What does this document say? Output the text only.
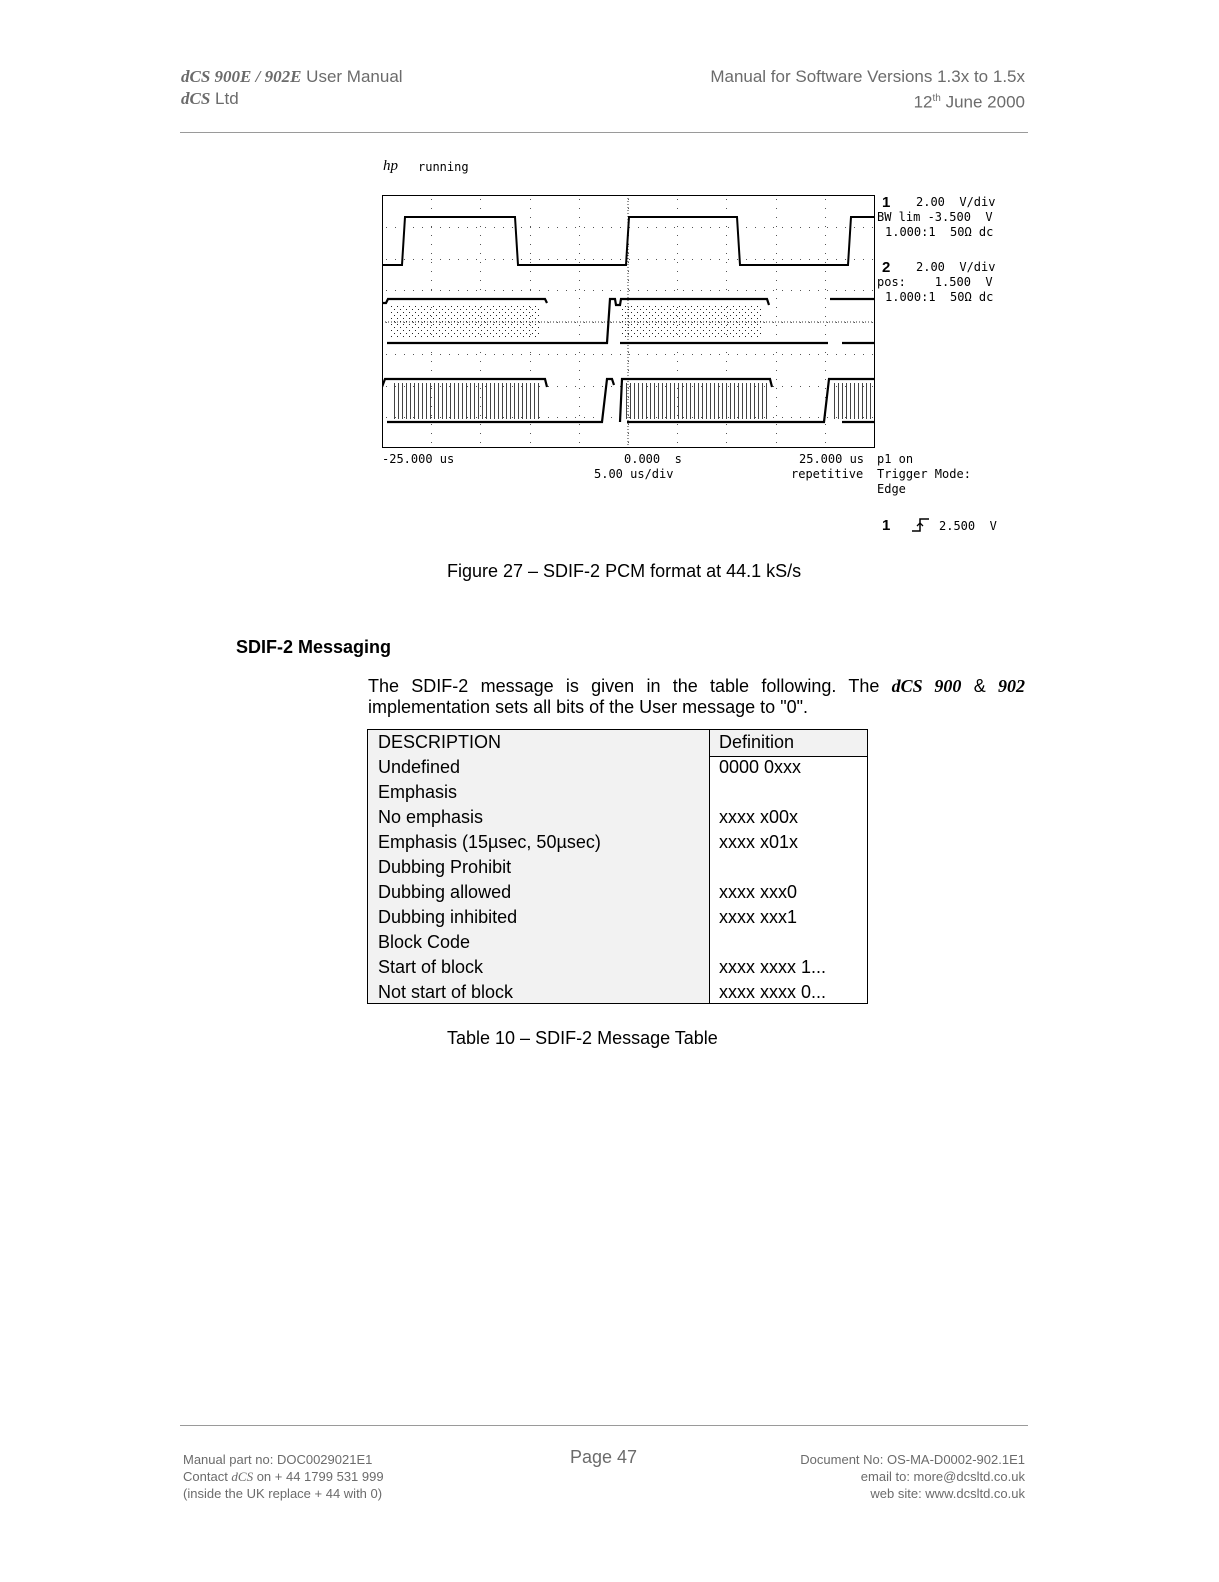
dCS 900E / 902E User Manual
dCS Ltd
Manual for Software Versions 1.3x to 1.5x
12th June 2000
hp running
1 2.00  V/div
BW lim -3.500  V
1.000:1  50Ω dc
2 2.00  V/div
pos:    1.500  V
1.000:1  50Ω dc
-25.000 us	0.000  s
5.00 us/div
25.000 us p1 on
repetitive Trigger Mode:
Edge
1	2.500  V
Figure 27 – SDIF-2 PCM format at 44.1 kS/s
SDIF-2 Messaging
The SDIF-2 message is given in the table following. The dCS 900 & 902 implementation sets all bits of the User message to "0".
DESCRIPTION	Definition
Undefined	0000 0xxx
Emphasis	
No emphasis	xxxx x00x
Emphasis (15µsec, 50µsec)	xxxx x01x
Dubbing Prohibit	
Dubbing allowed	xxxx xxx0
Dubbing inhibited	xxxx xxx1
Block Code	
Start of block	xxxx xxxx 1...
Not start of block	xxxx xxxx 0...
Table 10 – SDIF-2 Message Table
Manual part no: DOC0029021E1
Contact dCS on + 44 1799 531 999
(inside the UK replace + 44 with 0)
Page 47	Document No: OS-MA-D0002-902.1E1
email to: more@dcsltd.co.uk
web site: www.dcsltd.co.uk
